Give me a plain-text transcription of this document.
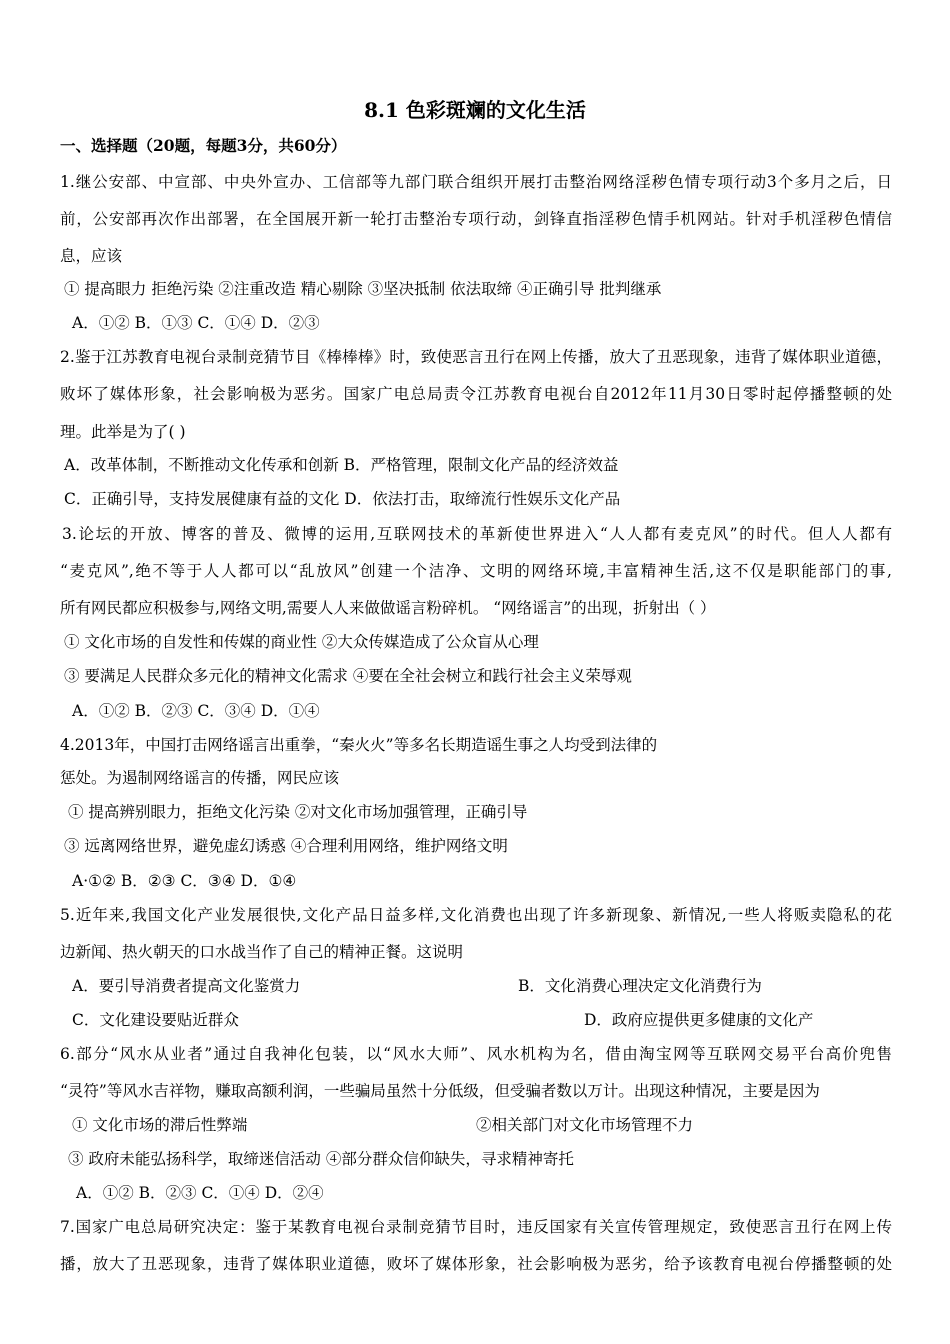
8.1 色彩斑斓的文化生活
一、选择题（20题，每题3分，共60分）
1.继公安部、中宣部、中央外宣办、工信部等九部门联合组织开展打击整治网络淫秽色情专项行动3个多月之后，日
前，公安部再次作出部署，在全国展开新一轮打击整治专项行动，剑锋直指淫秽色情手机网站。针对手机淫秽色情信
息，应该
① 提高眼力 拒绝污染 ②注重改造 精心剔除 ③坚决抵制 依法取缔 ④正确引导 批判继承
A．①② B．①③ C．①④ D．②③
2.鉴于江苏教育电视台录制竞猜节目《棒棒棒》时，致使恶言丑行在网上传播，放大了丑恶现象，违背了媒体职业道德，
败坏了媒体形象，社会影响极为恶劣。国家广电总局责令江苏教育电视台自2012年11月30日零时起停播整顿的处
理。此举是为了( )
A．改革体制，不断推动文化传承和创新 B．严格管理，限制文化产品的经济效益
C．正确引导，支持发展健康有益的文化 D．依法打击，取缔流行性娱乐文化产品
3.论坛的开放、博客的普及、微博的运用,互联网技术的革新使世界进入“人人都有麦克风”的时代。但人人都有
“麦克风”,绝不等于人人都可以“乱放风”创建一个洁净、文明的网络环境,丰富精神生活,这不仅是职能部门的事,
所有网民都应积极参与,网络文明,需要人人来做做谣言粉碎机。 “网络谣言”的出现，折射出（ ）
① 文化市场的自发性和传媒的商业性 ②大众传媒造成了公众盲从心理
③ 要满足人民群众多元化的精神文化需求 ④要在全社会树立和践行社会主义荣辱观
A．①② B．②③ C．③④ D．①④
4.2013年，中国打击网络谣言出重拳，“秦火火”等多名长期造谣生事之人均受到法律的
惩处。为遏制网络谣言的传播，网民应该
① 提高辨别眼力，拒绝文化污染 ②对文化市场加强管理，正确引导
③ 远离网络世界，避免虚幻诱惑 ④合理利用网络，维护网络文明
A·①② B．②③ C．③④ D．①④
5.近年来,我国文化产业发展很快,文化产品日益多样,文化消费也出现了许多新现象、新情况,一些人将贩卖隐私的花
边新闻、热火朝天的口水战当作了自己的精神正餐。这说明
A．要引导消费者提高文化鉴赏力	B．文化消费心理决定文化消费行为
C．文化建设要贴近群众	D．政府应提供更多健康的文化产
6.部分“风水从业者”通过自我神化包装，以“风水大师”、风水机构为名，借由淘宝网等互联网交易平台高价兜售
“灵符”等风水吉祥物，赚取高额利润，一些骗局虽然十分低级，但受骗者数以万计。出现这种情况，主要是因为
① 文化市场的滞后性弊端	②相关部门对文化市场管理不力
③ 政府未能弘扬科学，取缔迷信活动 ④部分群众信仰缺失，寻求精神寄托
A．①② B．②③ C．①④ D．②④
7.国家广电总局研究决定：鉴于某教育电视台录制竞猜节目时，违反国家有关宣传管理规定，致使恶言丑行在网上传
播，放大了丑恶现象，违背了媒体职业道德，败坏了媒体形象，社会影响极为恶劣，给予该教育电视台停播整顿的处
